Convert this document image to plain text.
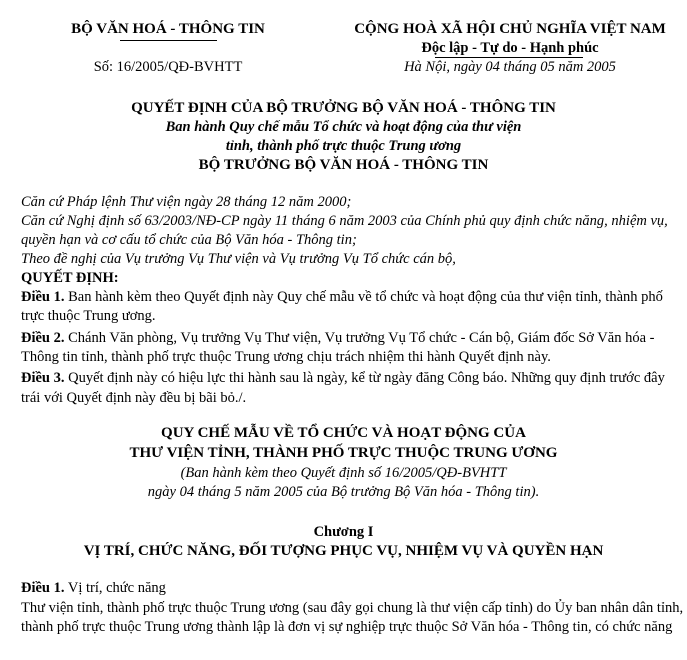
BỘ VĂN HOÁ - THÔNG TIN
Số: 16/2005/QĐ-BVHTT
CỘNG HOÀ XÃ HỘI CHỦ NGHĨA VIỆT NAM
Độc lập - Tự do - Hạnh phúc
Hà Nội, ngày 04 tháng 05 năm 2005
QUYẾT ĐỊNH CỦA BỘ TRƯỞNG BỘ VĂN HOÁ - THÔNG TIN
Ban hành Quy chế mẫu Tổ chức và hoạt động của thư viện
tỉnh, thành phố trực thuộc Trung ương
BỘ TRƯỞNG BỘ VĂN HOÁ - THÔNG TIN
Căn cứ Pháp lệnh Thư viện ngày 28 tháng 12 năm 2000;
Căn cứ Nghị định số 63/2003/NĐ-CP ngày 11 tháng 6 năm 2003 của Chính phủ quy định chức năng, nhiệm vụ,
quyền hạn và cơ cấu tổ chức của Bộ Văn hóa - Thông tin;
Theo đề nghị của Vụ trưởng Vụ Thư viện và Vụ trưởng Vụ Tổ chức cán bộ,
QUYẾT ĐỊNH:
Điều 1. Ban hành kèm theo Quyết định này Quy chế mẫu về tổ chức và hoạt động của thư viện tỉnh, thành phố
trực thuộc Trung ương.
Điều 2. Chánh Văn phòng, Vụ trưởng Vụ Thư viện, Vụ trưởng Vụ Tổ chức - Cán bộ, Giám đốc Sở Văn hóa -
Thông tin tỉnh, thành phố trực thuộc Trung ương chịu trách nhiệm thi hành Quyết định này.
Điều 3. Quyết định này có hiệu lực thi hành sau là ngày, kể từ ngày đăng Công báo. Những quy định trước đây
trái với Quyết định này đều bị bãi bỏ./.
QUY CHẾ MẪU VỀ TỔ CHỨC VÀ HOẠT ĐỘNG CỦA
THƯ VIỆN TỈNH, THÀNH PHỐ TRỰC THUỘC TRUNG ƯƠNG
(Ban hành kèm theo Quyết định số 16/2005/QĐ-BVHTT
ngày 04 tháng 5 năm 2005 của Bộ trưởng Bộ Văn hóa - Thông tin).
Chương I
VỊ TRÍ, CHỨC NĂNG, ĐỐI TƯỢNG PHỤC VỤ, NHIỆM VỤ VÀ QUYỀN HẠN
Điều 1. Vị trí, chức năng
Thư viện tỉnh, thành phố trực thuộc Trung ương (sau đây gọi chung là thư viện cấp tỉnh) do Ủy ban nhân dân tỉnh,
thành phố trực thuộc Trung ương thành lập là đơn vị sự nghiệp trực thuộc Sở Văn hóa - Thông tin, có chức năng
